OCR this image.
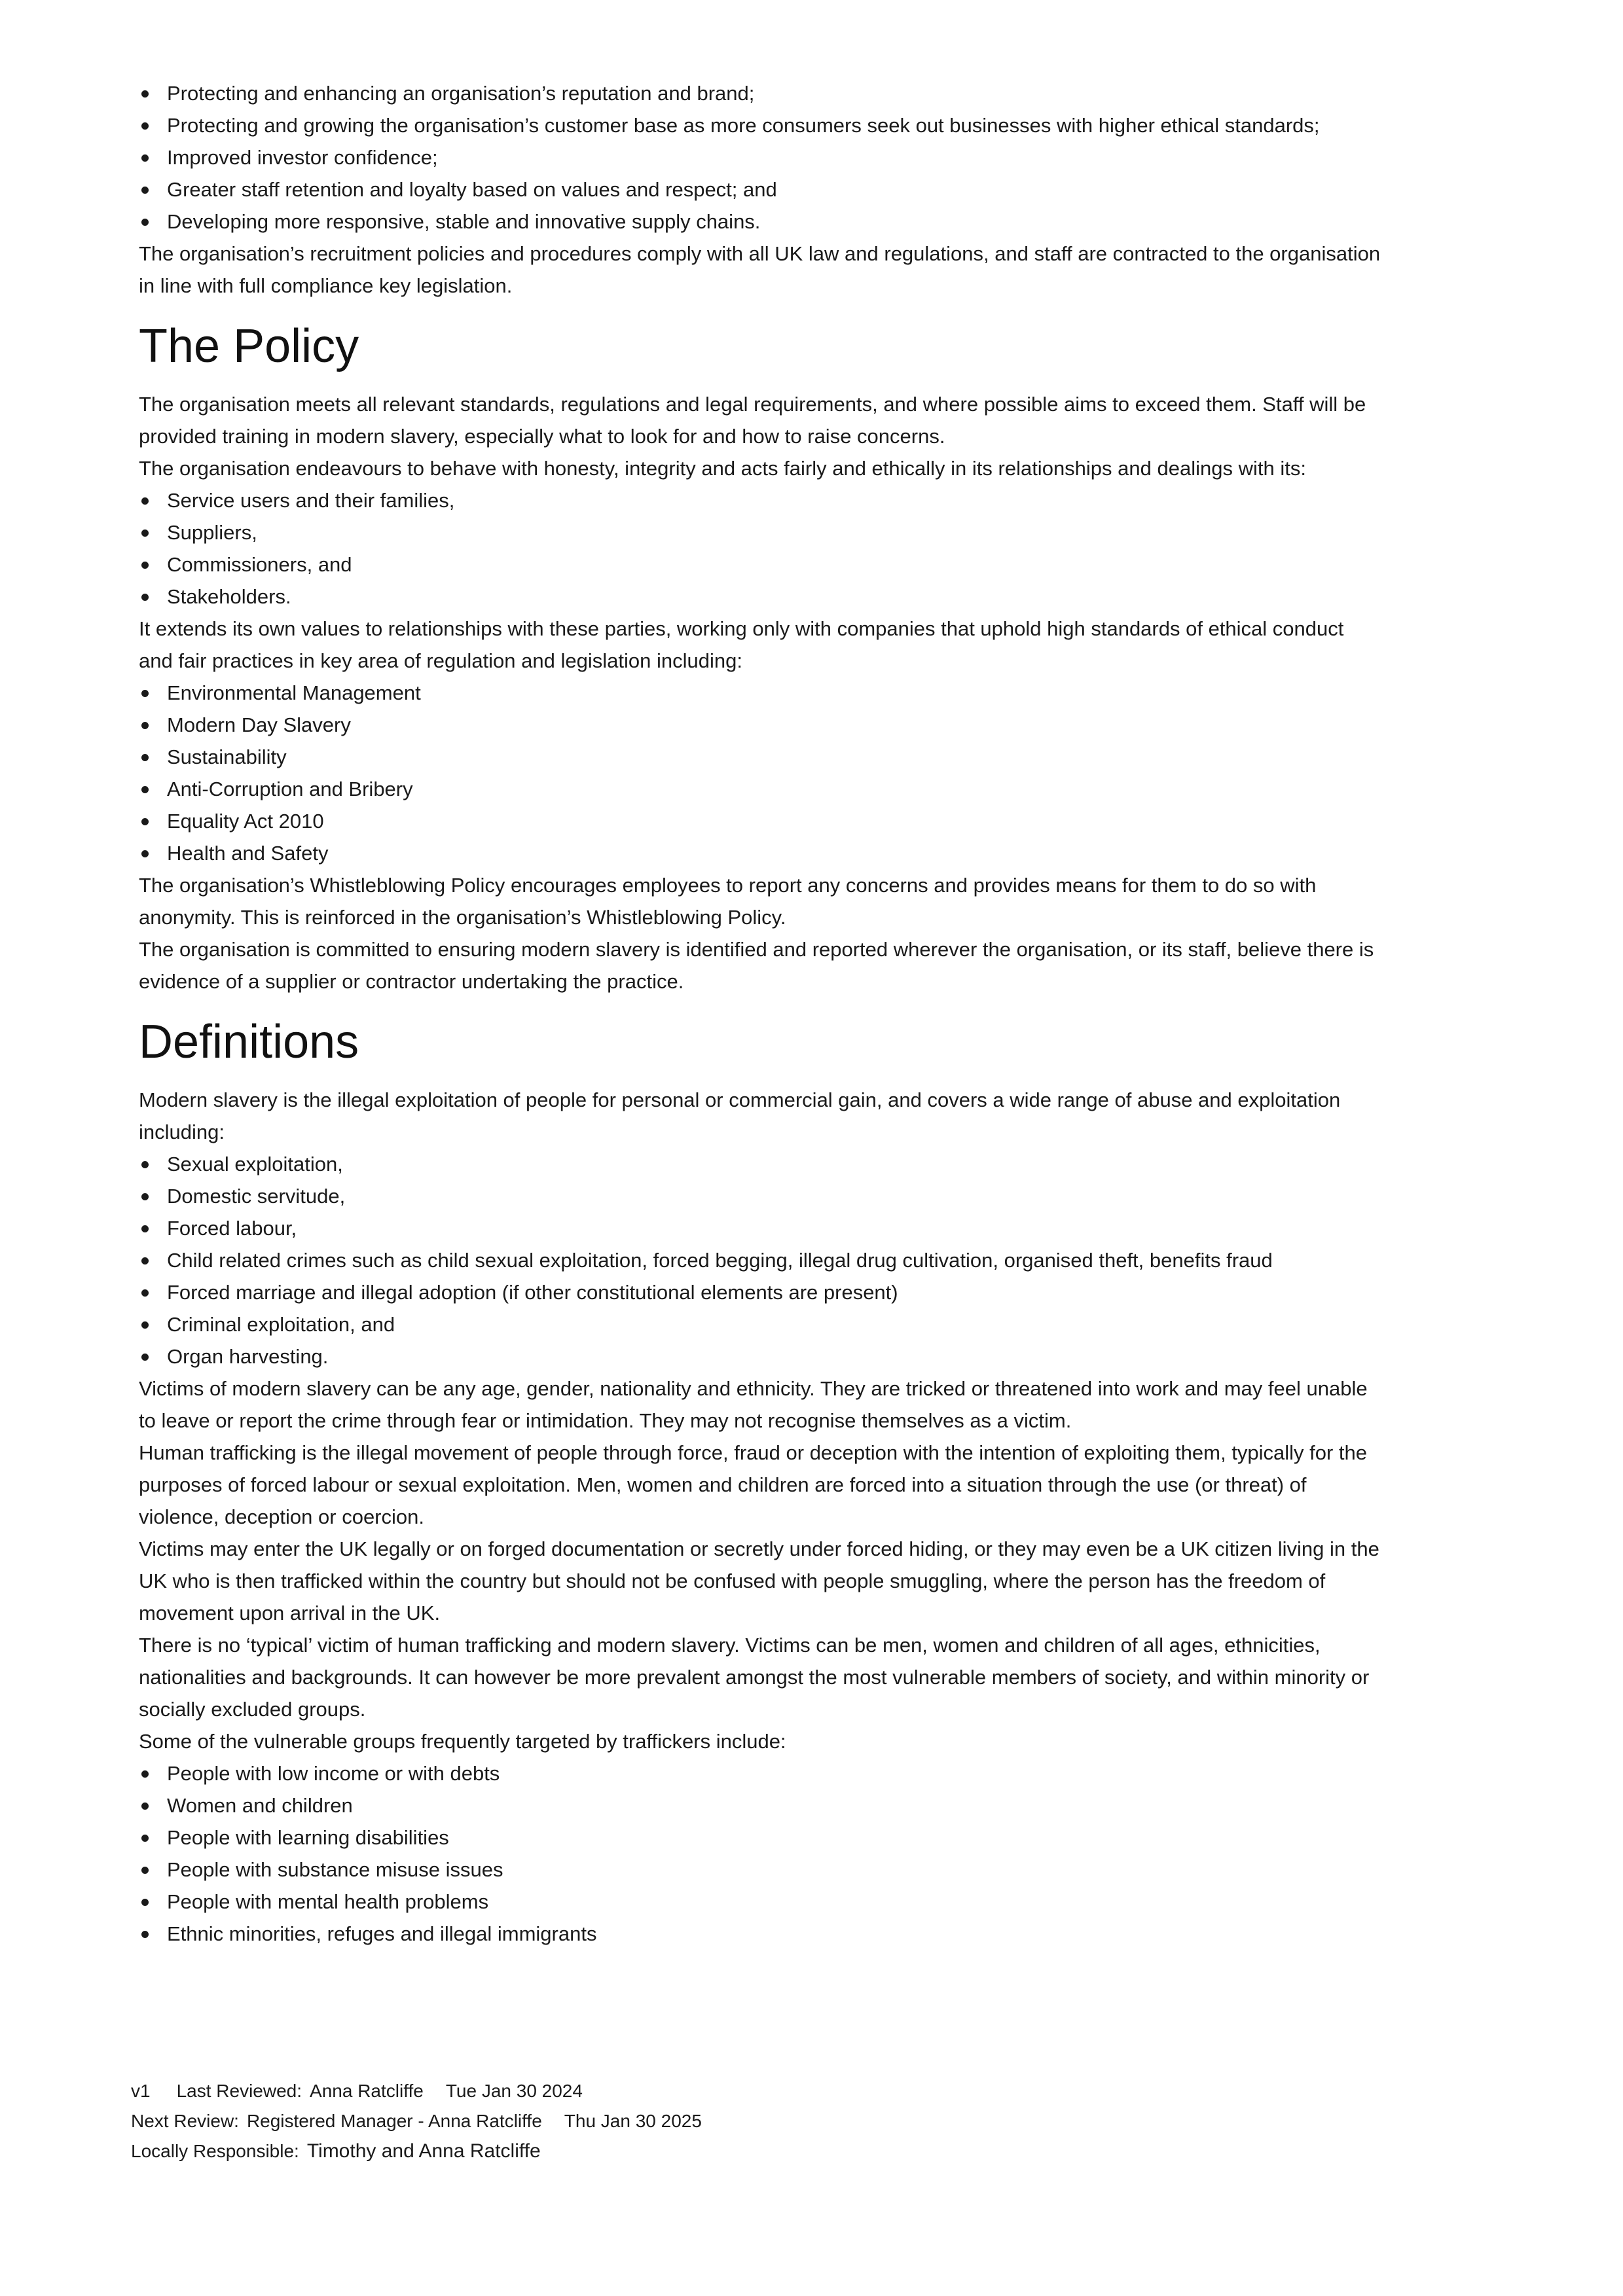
Protecting and enhancing an organisation’s reputation and brand;
Protecting and growing the organisation’s customer base as more consumers seek out businesses with higher ethical standards;
Improved investor confidence;
Greater staff retention and loyalty based on values and respect; and
Developing more responsive, stable and innovative supply chains.

The organisation’s recruitment policies and procedures comply with all UK law and regulations, and staff are contracted to the organisation in line with full compliance key legislation.

The Policy

The organisation meets all relevant standards, regulations and legal requirements, and where possible aims to exceed them. Staff will be provided training in modern slavery, especially what to look for and how to raise concerns.

The organisation endeavours to behave with honesty, integrity and acts fairly and ethically in its relationships and dealings with its:

Service users and their families,
Suppliers,
Commissioners, and
Stakeholders.

It extends its own values to relationships with these parties, working only with companies that uphold high standards of ethical conduct and fair practices in key area of regulation and legislation including:

Environmental Management
Modern Day Slavery
Sustainability
Anti-Corruption and Bribery
Equality Act 2010
Health and Safety

The organisation’s Whistleblowing Policy encourages employees to report any concerns and provides means for them to do so with anonymity. This is reinforced in the organisation’s Whistleblowing Policy.

The organisation is committed to ensuring modern slavery is identified and reported wherever the organisation, or its staff, believe there is evidence of a supplier or contractor undertaking the practice.

Definitions

Modern slavery is the illegal exploitation of people for personal or commercial gain, and covers a wide range of abuse and exploitation including:

Sexual exploitation,
Domestic servitude,
Forced labour,
Child related crimes such as child sexual exploitation, forced begging, illegal drug cultivation, organised theft, benefits fraud
Forced marriage and illegal adoption (if other constitutional elements are present)
Criminal exploitation, and
Organ harvesting.

Victims of modern slavery can be any age, gender, nationality and ethnicity. They are tricked or threatened into work and may feel unable to leave or report the crime through fear or intimidation. They may not recognise themselves as a victim.

Human trafficking is the illegal movement of people through force, fraud or deception with the intention of exploiting them, typically for the purposes of forced labour or sexual exploitation. Men, women and children are forced into a situation through the use (or threat) of violence, deception or coercion.

Victims may enter the UK legally or on forged documentation or secretly under forced hiding, or they may even be a UK citizen living in the UK who is then trafficked within the country but should not be confused with people smuggling, where the person has the freedom of movement upon arrival in the UK.

There is no ‘typical’ victim of human trafficking and modern slavery. Victims can be men, women and children of all ages, ethnicities, nationalities and backgrounds. It can however be more prevalent amongst the most vulnerable members of society, and within minority or socially excluded groups.

Some of the vulnerable groups frequently targeted by traffickers include:

People with low income or with debts
Women and children
People with learning disabilities
People with substance misuse issues
People with mental health problems
Ethnic minorities, refuges and illegal immigrants
v1 Last Reviewed: Anna Ratcliffe Tue Jan 30 2024
Next Review: Registered Manager - Anna Ratcliffe Thu Jan 30 2025
Locally Responsible: Timothy and Anna Ratcliffe
